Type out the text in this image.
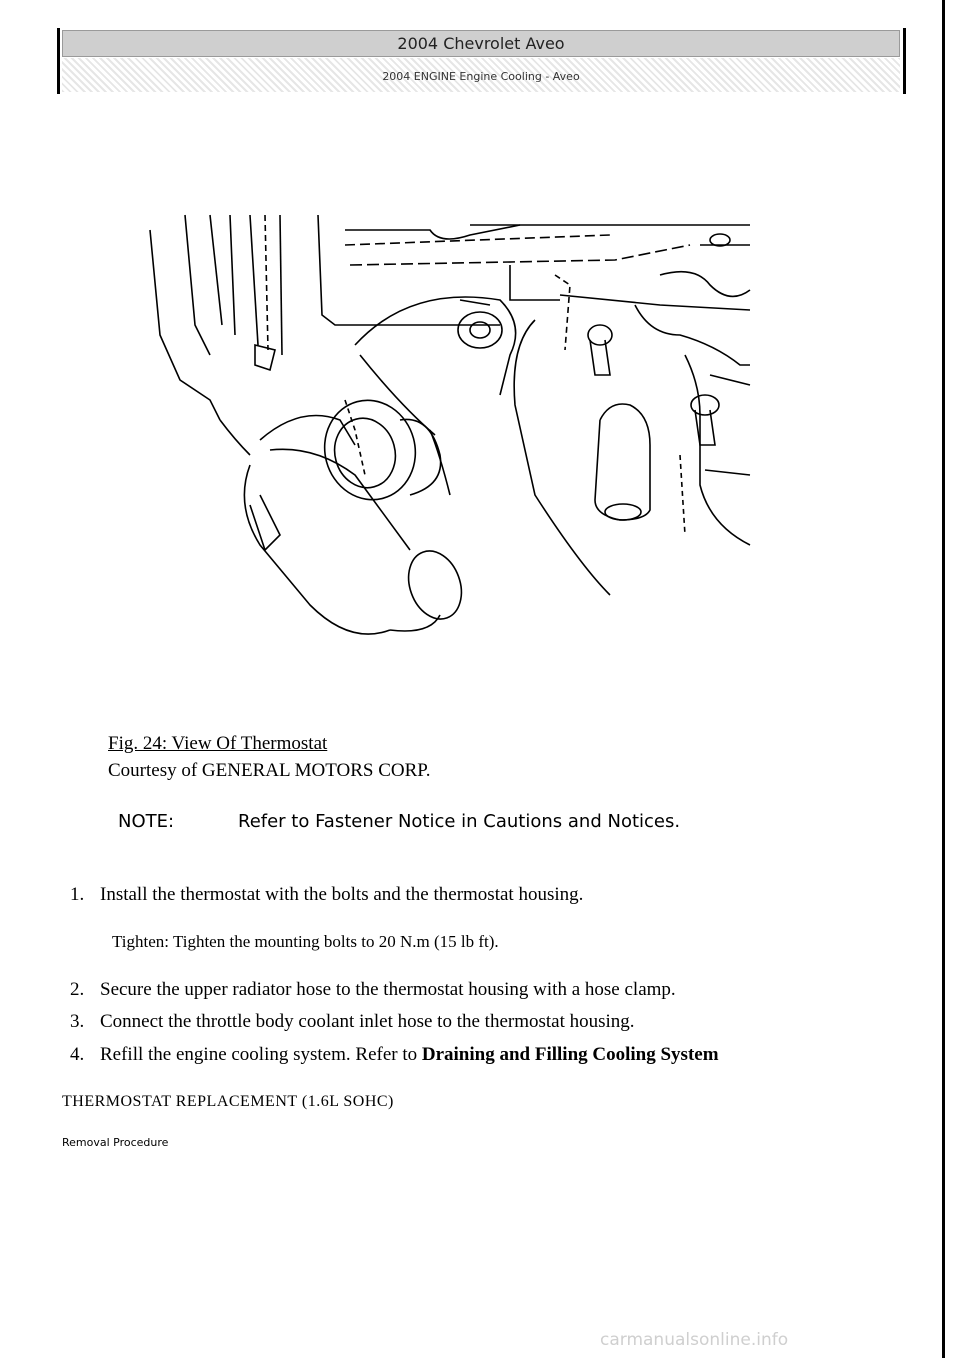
2004 Chevrolet Aveo
2004 ENGINE Engine Cooling - Aveo
Fig. 24: View Of Thermostat
Courtesy of GENERAL MOTORS CORP.
NOTE:	Refer to Fastener Notice in Cautions and Notices.
1. Install the thermostat with the bolts and the thermostat housing.
2. Secure the upper radiator hose to the thermostat housing with a hose clamp.
3. Connect the throttle body coolant inlet hose to the thermostat housing.
4. Refill the engine cooling system. Refer to Draining and Filling Cooling System
Tighten: Tighten the mounting bolts to 20 N.m (15 lb ft).
THERMOSTAT REPLACEMENT (1.6L SOHC)
Removal Procedure
carmanualsonline.info
